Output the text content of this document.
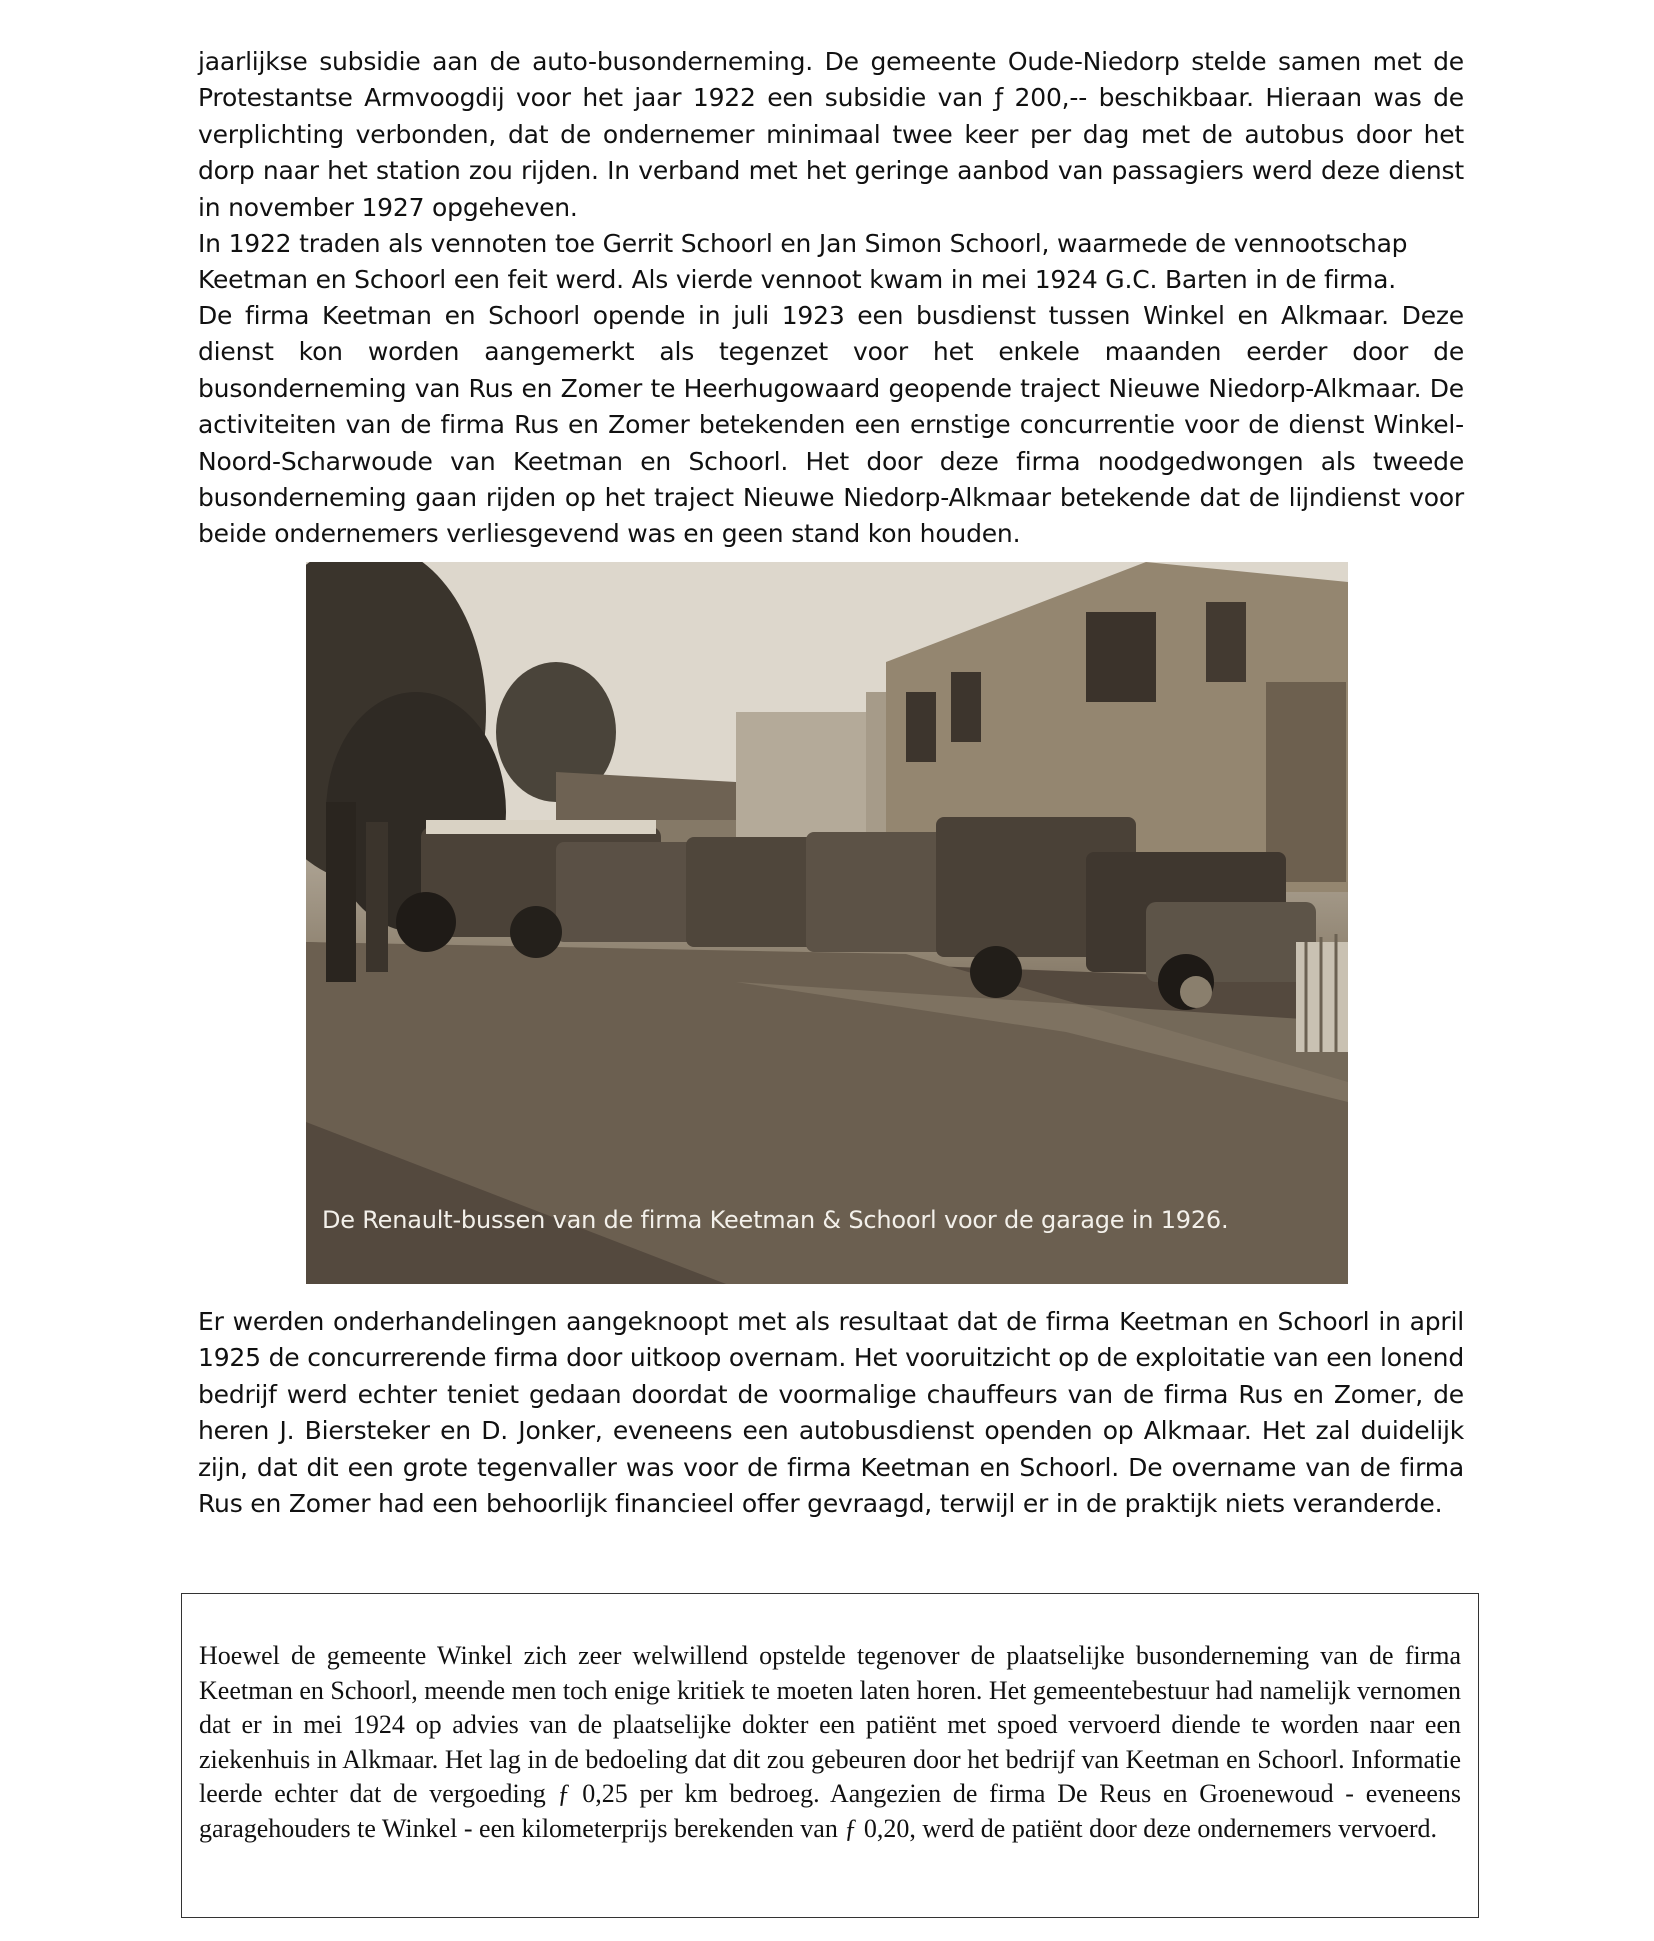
jaarlijkse subsidie aan de auto-busonderneming. De gemeente Oude-Niedorp stelde samen met de Protestantse Armvoogdij voor het jaar 1922 een subsidie van ƒ 200,-- beschikbaar. Hieraan was de verplichting verbonden, dat de ondernemer minimaal twee keer per dag met de autobus door het dorp naar het station zou rijden. In verband met het geringe aanbod van passagiers werd deze dienst in november 1927 opgeheven.

In 1922 traden als vennoten toe Gerrit Schoorl en Jan Simon Schoorl, waarmede de vennootschap

Keetman en Schoorl een feit werd. Als vierde vennoot kwam in mei 1924 G.C. Barten in de firma.

De firma Keetman en Schoorl opende in juli 1923 een busdienst tussen Winkel en Alkmaar. Deze dienst kon worden aangemerkt als tegenzet voor het enkele maanden eerder door de busonderneming van Rus en Zomer te Heerhugowaard geopende traject Nieuwe Niedorp-Alkmaar. De activiteiten van de firma Rus en Zomer betekenden een ernstige concurrentie voor de dienst Winkel-Noord-Scharwoude van Keetman en Schoorl. Het door deze firma noodgedwongen als tweede busonderneming gaan rijden op het traject Nieuwe Niedorp-Alkmaar betekende dat de lijndienst voor beide ondernemers verliesgevend was en geen stand kon houden.

De Renault-bussen van de firma Keetman & Schoorl voor de garage in 1926.

Er werden onderhandelingen aangeknoopt met als resultaat dat de firma Keetman en Schoorl in april 1925 de concurrerende firma door uitkoop overnam. Het vooruitzicht op de exploitatie van een lonend bedrijf werd echter teniet gedaan doordat de voormalige chauffeurs van de firma Rus en Zomer, de heren J. Biersteker en D. Jonker, eveneens een autobusdienst openden op Alkmaar. Het zal duidelijk zijn, dat dit een grote tegenvaller was voor de firma Keetman en Schoorl. De overname van de firma Rus en Zomer had een behoorlijk financieel offer gevraagd, terwijl er in de praktijk niets veranderde.

Hoewel de gemeente Winkel zich zeer welwillend opstelde tegenover de plaatselijke busonderneming van de firma Keetman en Schoorl, meende men toch enige kritiek te moeten laten horen. Het gemeentebestuur had namelijk vernomen dat er in mei 1924 op advies van de plaatselijke dokter een patiënt met spoed vervoerd diende te worden naar een ziekenhuis in Alkmaar. Het lag in de bedoeling dat dit zou gebeuren door het bedrijf van Keetman en Schoorl. Informatie leerde echter dat de vergoeding ƒ 0,25 per km bedroeg. Aangezien de firma De Reus en Groenewoud - eveneens garagehouders te Winkel - een kilometerprijs berekenden van ƒ 0,20, werd de patiënt door deze ondernemers vervoerd.
